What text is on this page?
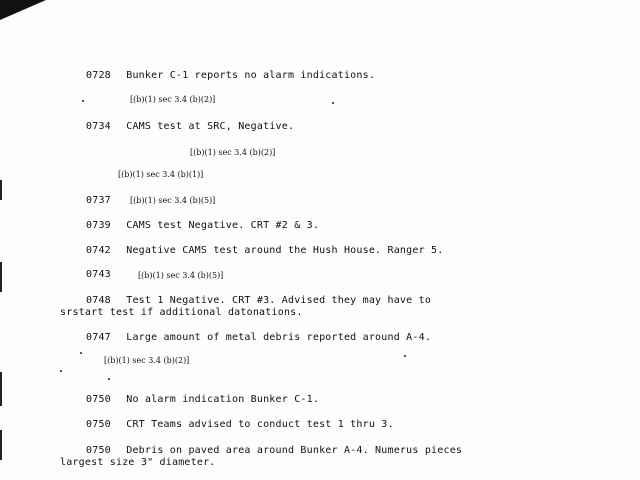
0728 Bunker C-1 reports no alarm indications.
[(b)(1) sec 3.4 (b)(2)]
0734 CAMS test at SRC, Negative.
[(b)(1) sec 3.4 (b)(2)]
[(b)(1) sec 3.4 (b)(1)]
0737	[(b)(1) sec 3.4 (b)(5)]
0739 CAMS test Negative. CRT #2 & 3.
0742 Negative CAMS test around the Hush House. Ranger 5.
0743	[(b)(1) sec 3.4 (b)(5)]
0748 Test 1 Negative. CRT #3. Advised they may have to
srstart test if additional datonations.
0747 Large amount of metal debris reported around A-4.
[(b)(1) sec 3.4 (b)(2)]
0750 No alarm indication Bunker C-1.
0750 CRT Teams advised to conduct test 1 thru 3.
0750 Debris on paved area around Bunker A-4. Numerus pieces
largest size 3" diameter.
